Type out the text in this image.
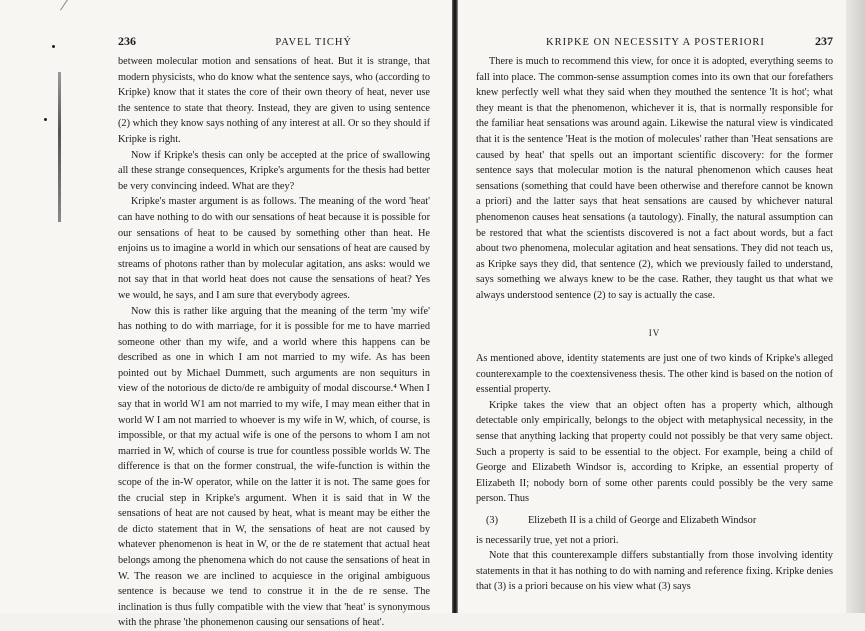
236	PAVEL TICHÝ

between molecular motion and sensations of heat. But it is strange, that modern physicists, who do know what the sentence says, who (according to Kripke) know that it states the core of their own theory of heat, never use the sentence to state that theory. Instead, they are given to using sentence (2) which they know says nothing of any interest at all. Or so they should if Kripke is right.

Now if Kripke's thesis can only be accepted at the price of swallowing all these strange consequences, Kripke's arguments for the thesis had better be very convincing indeed. What are they?

Kripke's master argument is as follows. The meaning of the word 'heat' can have nothing to do with our sensations of heat because it is possible for our sensations of heat to be caused by something other than heat. He enjoins us to imagine a world in which our sensations of heat are caused by streams of photons rather than by molecular agitation, ans asks: would we not say that in that world heat does not cause the sensations of heat? Yes we would, he says, and I am sure that everybody agrees.

Now this is rather like arguing that the meaning of the term 'my wife' has nothing to do with marriage, for it is possible for me to have married someone other than my wife, and a world where this happens can be described as one in which I am not married to my wife. As has been pointed out by Michael Dummett, such arguments are non sequiturs in view of the notorious de dicto/de re ambiguity of modal discourse.⁴ When I say that in world W1 am not married to my wife, I may mean either that in world W I am not married to whoever is my wife in W, which, of course, is impossible, or that my actual wife is one of the persons to whom I am not married in W, which of course is true for countless possible worlds W. The difference is that on the former construal, the wife-function is within the scope of the in-W operator, while on the latter it is not. The same goes for the crucial step in Kripke's argument. When it is said that in W the sensations of heat are not caused by heat, what is meant may be either the de dicto statement that in W, the sensations of heat are not caused by whatever phenomenon is heat in W, or the de re statement that actual heat belongs among the phenomena which do not cause the sensations of heat in W. The reason we are inclined to acquiesce in the original ambiguous sentence is because we tend to construe it in the de re sense. The inclination is thus fully compatible with the view that 'heat' is synonymous with the phrase 'the phonemenon causing our sensations of heat'.

KRIPKE ON NECESSITY A POSTERIORI	237

There is much to recommend this view, for once it is adopted, everything seems to fall into place. The common-sense assumption comes into its own that our forefathers knew perfectly well what they said when they mouthed the sentence 'It is hot'; what they meant is that the phenomenon, whichever it is, that is normally responsible for the familiar heat sensations was around again. Likewise the natural view is vindicated that it is the sentence 'Heat is the motion of molecules' rather than 'Heat sensations are caused by heat' that spells out an important scientific discovery: for the former sentence says that molecular motion is the natural phenomenon which causes heat sensations (something that could have been otherwise and therefore cannot be known a priori) and the latter says that heat sensations are caused by whichever natural phenomenon causes heat sensations (a tautology). Finally, the natural assumption can be restored that what the scientists discovered is not a fact about words, but a fact about two phenomena, molecular agitation and heat sensations. They did not teach us, as Kripke says they did, that sentence (2), which we previously failed to understand, says something we always knew to be the case. Rather, they taught us that what we always understood sentence (2) to say is actually the case.

IV

As mentioned above, identity statements are just one of two kinds of Kripke's alleged counterexample to the coextensiveness thesis. The other kind is based on the notion of essential property.

Kripke takes the view that an object often has a property which, although detectable only empirically, belongs to the object with metaphysical necessity, in the sense that anything lacking that property could not possibly be that very same object. Such a property is said to be essential to the object. For example, being a child of George and Elizabeth Windsor is, according to Kripke, an essential property of Elizabeth II; nobody born of some other parents could possibly be the very same person. Thus

(3)	Elizebeth II is a child of George and Elizabeth Windsor

is necessarily true, yet not a priori.

Note that this counterexample differs substantially from those involving identity statements in that it has nothing to do with naming and reference fixing. Kripke denies that (3) is a priori because on his view what (3) says
